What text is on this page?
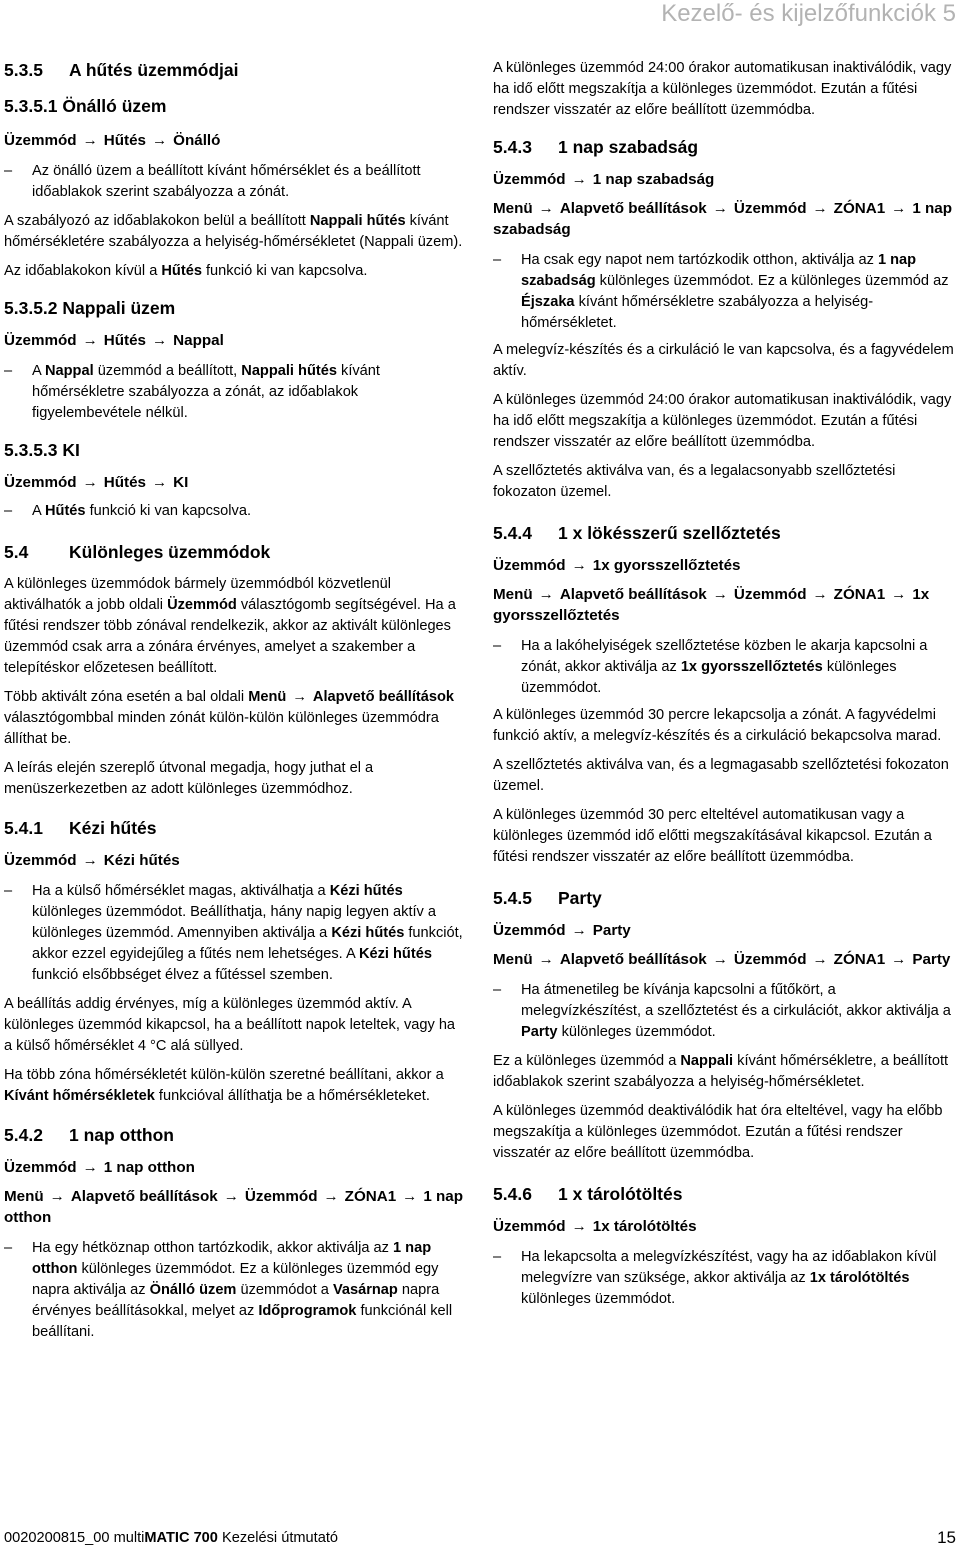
Kezelő- és kijelzőfunkciók 5
5.3.5 A hűtés üzemmódjai
5.3.5.1 Önálló üzem
Üzemmód → Hűtés → Önálló
– Az önálló üzem a beállított kívánt hőmérséklet és a beállított időablakok szerint szabályozza a zónát.

A szabályozó az időablakokon belül a beállított Nappali hűtés kívánt hőmérsékletére szabályozza a helyiség-hőmérsékletet (Nappali üzem).

Az időablakokon kívül a Hűtés funkció ki van kapcsolva.

5.3.5.2 Nappali üzem
Üzemmód → Hűtés → Nappal
– A Nappal üzemmód a beállított, Nappali hűtés kívánt hőmérsékletre szabályozza a zónát, az időablakok figyelembevétele nélkül.
5.3.5.3 KI
Üzemmód → Hűtés → KI
– A Hűtés funkció ki van kapcsolva.
5.4 Különleges üzemmódok

A különleges üzemmódok bármely üzemmódból közvetlenül aktiválhatók a jobb oldali Üzemmód választógomb segítségével. Ha a fűtési rendszer több zónával rendelkezik, akkor az aktivált különleges üzemmód csak arra a zónára érvényes, amelyet a szakember a telepítéskor előzetesen beállított.

Több aktivált zóna esetén a bal oldali Menü → Alapvető beállítások választógombbal minden zónát külön-külön különleges üzemmódra állíthat be.

A leírás elején szereplő útvonal megadja, hogy juthat el a menüszerkezetben az adott különleges üzemmódhoz.

5.4.1 Kézi hűtés
Üzemmód → Kézi hűtés
– Ha a külső hőmérséklet magas, aktiválhatja a Kézi hűtés különleges üzemmódot. Beállíthatja, hány napig legyen aktív a különleges üzemmód. Amennyiben aktiválja a Kézi hűtés funkciót, akkor ezzel egyidejűleg a fűtés nem lehetséges. A Kézi hűtés funkció elsőbbséget élvez a fűtéssel szemben.

A beállítás addig érvényes, míg a különleges üzemmód aktív. A különleges üzemmód kikapcsol, ha a beállított napok leteltek, vagy ha a külső hőmérséklet 4 °C alá süllyed.

Ha több zóna hőmérsékletét külön-külön szeretné beállítani, akkor a Kívánt hőmérsékletek funkcióval állíthatja be a hőmérsékleteket.

5.4.2 1 nap otthon
Üzemmód → 1 nap otthon
Menü → Alapvető beállítások → Üzemmód → ZÓNA1 → 1 nap otthon
– Ha egy hétköznap otthon tartózkodik, akkor aktiválja az 1 nap otthon különleges üzemmódot. Ez a különleges üzemmód egy napra aktiválja az Önálló üzem üzemmódot a Vasárnap napra érvényes beállításokkal, melyet az Időprogramok funkciónál kell beállítani.

A különleges üzemmód 24:00 órakor automatikusan inaktiválódik, vagy ha idő előtt megszakítja a különleges üzemmódot. Ezután a fűtési rendszer visszatér az előre beállított üzemmódba.

5.4.3 1 nap szabadság
Üzemmód → 1 nap szabadság
Menü → Alapvető beállítások → Üzemmód → ZÓNA1 → 1 nap szabadság
– Ha csak egy napot nem tartózkodik otthon, aktiválja az 1 nap szabadság különleges üzemmódot. Ez a különleges üzemmód az Éjszaka kívánt hőmérsékletre szabályozza a helyiség-hőmérsékletet.

A melegvíz-készítés és a cirkuláció le van kapcsolva, és a fagyvédelem aktív.

A különleges üzemmód 24:00 órakor automatikusan inaktiválódik, vagy ha idő előtt megszakítja a különleges üzemmódot. Ezután a fűtési rendszer visszatér az előre beállított üzemmódba.

A szellőztetés aktiválva van, és a legalacsonyabb szellőztetési fokozaton üzemel.

5.4.4 1 x lökésszerű szellőztetés
Üzemmód → 1x gyorsszellőztetés
Menü → Alapvető beállítások → Üzemmód → ZÓNA1 → 1x gyorsszellőztetés
– Ha a lakóhelyiségek szellőztetése közben le akarja kapcsolni a zónát, akkor aktiválja az 1x gyorsszellőztetés különleges üzemmódot.

A különleges üzemmód 30 percre lekapcsolja a zónát. A fagyvédelmi funkció aktív, a melegvíz-készítés és a cirkuláció bekapcsolva marad.

A szellőztetés aktiválva van, és a legmagasabb szellőztetési fokozaton üzemel.

A különleges üzemmód 30 perc elteltével automatikusan vagy a különleges üzemmód idő előtti megszakításával kikapcsol. Ezután a fűtési rendszer visszatér az előre beállított üzemmódba.

5.4.5 Party
Üzemmód → Party
Menü → Alapvető beállítások → Üzemmód → ZÓNA1 → Party
– Ha átmenetileg be kívánja kapcsolni a fűtőkört, a melegvízkészítést, a szellőztetést és a cirkulációt, akkor aktiválja a Party különleges üzemmódot.

Ez a különleges üzemmód a Nappali kívánt hőmérsékletre, a beállított időablakok szerint szabályozza a helyiség-hőmérsékletet.

A különleges üzemmód deaktiválódik hat óra elteltével, vagy ha előbb megszakítja a különleges üzemmódot. Ezután a fűtési rendszer visszatér az előre beállított üzemmódba.

5.4.6 1 x tárolótöltés
Üzemmód → 1x tárolótöltés
– Ha lekapcsolta a melegvízkészítést, vagy ha az időablakon kívül melegvízre van szüksége, akkor aktiválja az 1x tárolótöltés különleges üzemmódot.
0020200815_00 multiMATIC 700 Kezelési útmutató	15
